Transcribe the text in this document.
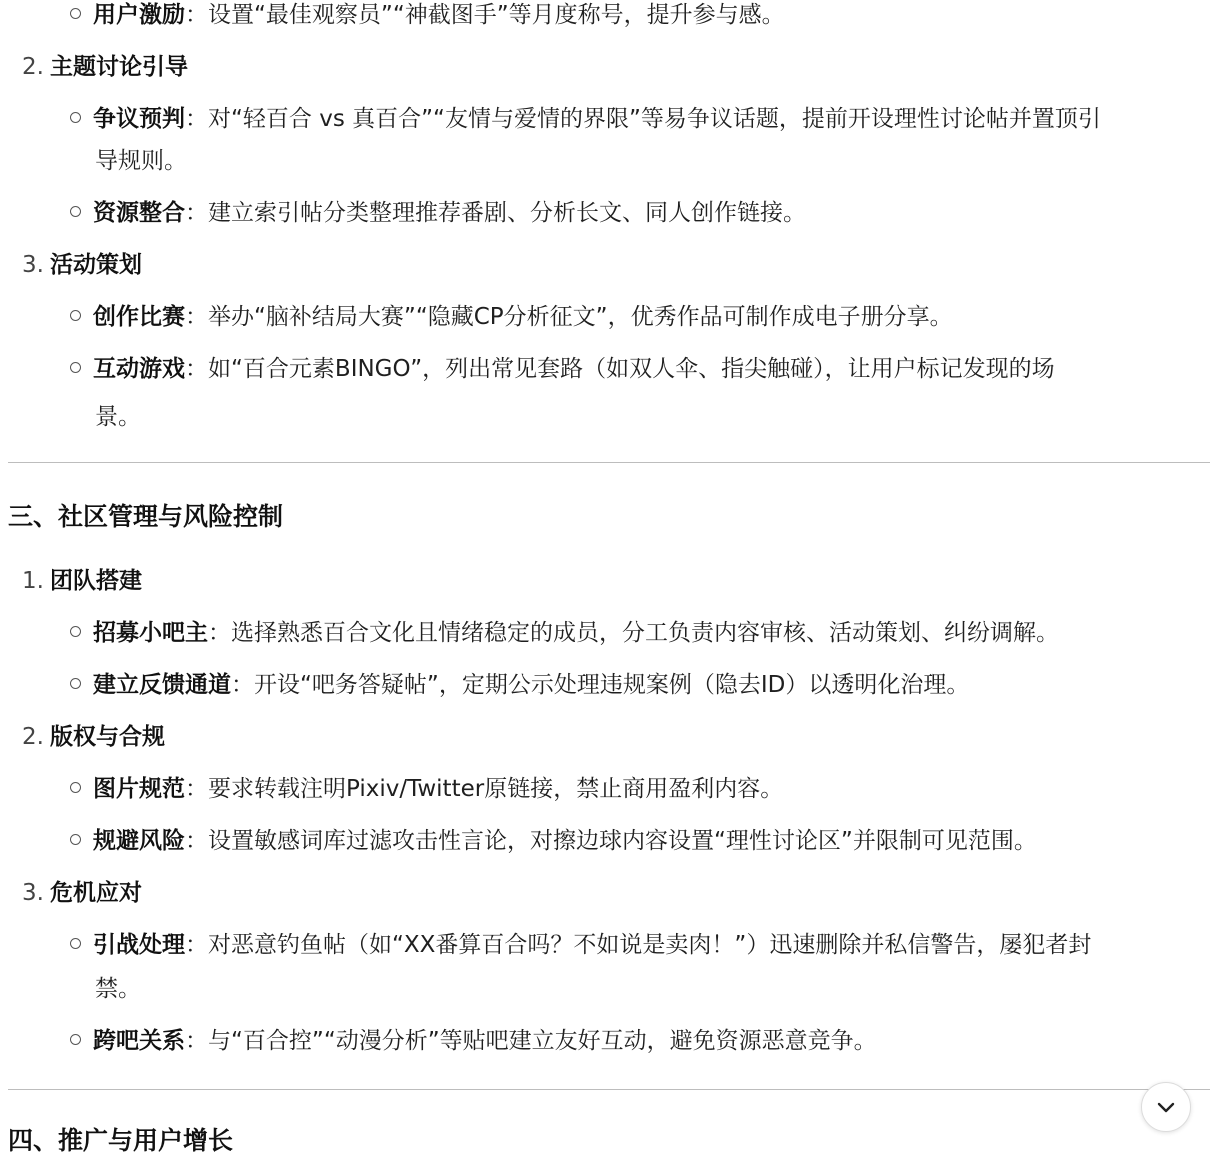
用户激励：设置“最佳观察员”“神截图手”等月度称号，提升参与感。
2. 主题讨论引导
争议预判：对“轻百合 vs 真百合”“友情与爱情的界限”等易争议话题，提前开设理性讨论帖并置顶引
导规则。
资源整合：建立索引帖分类整理推荐番剧、分析长文、同人创作链接。
3. 活动策划
创作比赛：举办“脑补结局大赛”“隐藏CP分析征文”，优秀作品可制作成电子册分享。
互动游戏：如“百合元素BINGO”，列出常见套路（如双人伞、指尖触碰），让用户标记发现的场
景。
三、社区管理与风险控制
1. 团队搭建
招募小吧主：选择熟悉百合文化且情绪稳定的成员，分工负责内容审核、活动策划、纠纷调解。
建立反馈通道：开设“吧务答疑帖”，定期公示处理违规案例（隐去ID）以透明化治理。
2. 版权与合规
图片规范：要求转载注明Pixiv/Twitter原链接，禁止商用盈利内容。
规避风险：设置敏感词库过滤攻击性言论，对擦边球内容设置“理性讨论区”并限制可见范围。
3. 危机应对
引战处理：对恶意钓鱼帖（如“XX番算百合吗？不如说是卖肉！”）迅速删除并私信警告，屡犯者封
禁。
跨吧关系：与“百合控”“动漫分析”等贴吧建立友好互动，避免资源恶意竞争。
四、推广与用户增长
